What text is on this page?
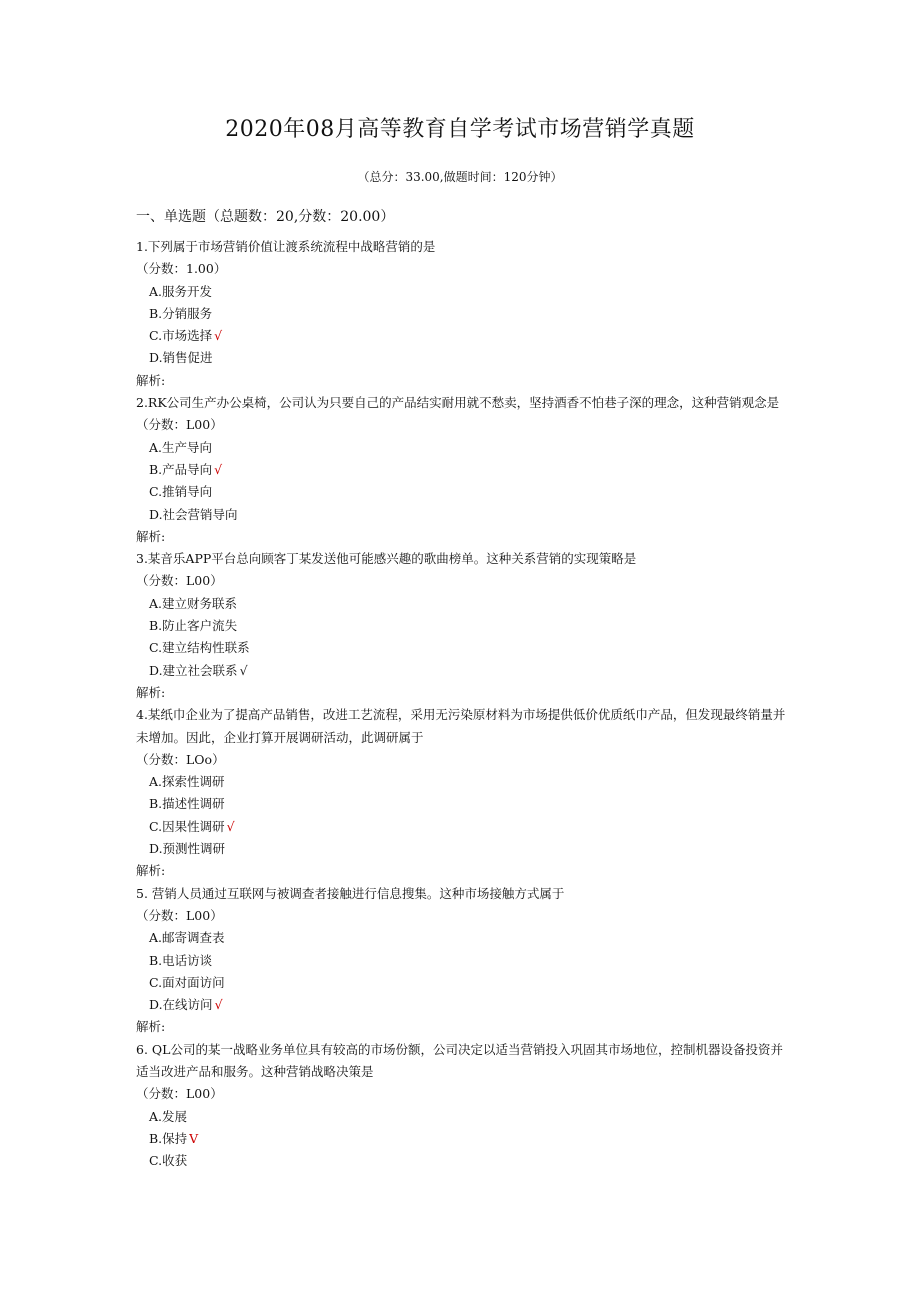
2020年08月高等教育自学考试市场营销学真题
（总分：33.00,做题时间：120分钟）
一、单选题（总题数：20,分数：20.00）
1.下列属于市场营销价值让渡系统流程中战略营销的是
（分数：1.00）
A.服务开发
B.分销服务
C.市场选择 √
D.销售促进
解析:
2.RK公司生产办公桌椅，公司认为只要自己的产品结实耐用就不愁卖，坚持酒香不怕巷子深的理念，这种营销观念是
（分数：L00）
A.生产导向
B.产品导向 √
C.推销导向
D.社会营销导向
解析:
3.某音乐APP平台总向顾客丁某发送他可能感兴趣的歌曲榜单。这种关系营销的实现策略是
（分数：L00）
A.建立财务联系
B.防止客户流失
C.建立结构性联系
D.建立社会联系 √
解析:
4.某纸巾企业为了提高产品销售，改进工艺流程，采用无污染原材料为市场提供低价优质纸巾产品，但发现最终销量并未增加。因此，企业打算开展调研活动，此调研属于
（分数：LOo）
A.探索性调研
B.描述性调研
C.因果性调研 √
D.预测性调研
解析:
5. 营销人员通过互联网与被调查者接触进行信息搜集。这种市场接触方式属于
（分数：L00）
A.邮寄调查表
B.电话访谈
C.面对面访问
D.在线访问 √
解析:
6. QL公司的某一战略业务单位具有较高的市场份额，公司决定以适当营销投入巩固其市场地位，控制机器设备投资并适当改进产品和服务。这种营销战略决策是
（分数：L00）
A.发展
B.保持 V
C.收获
